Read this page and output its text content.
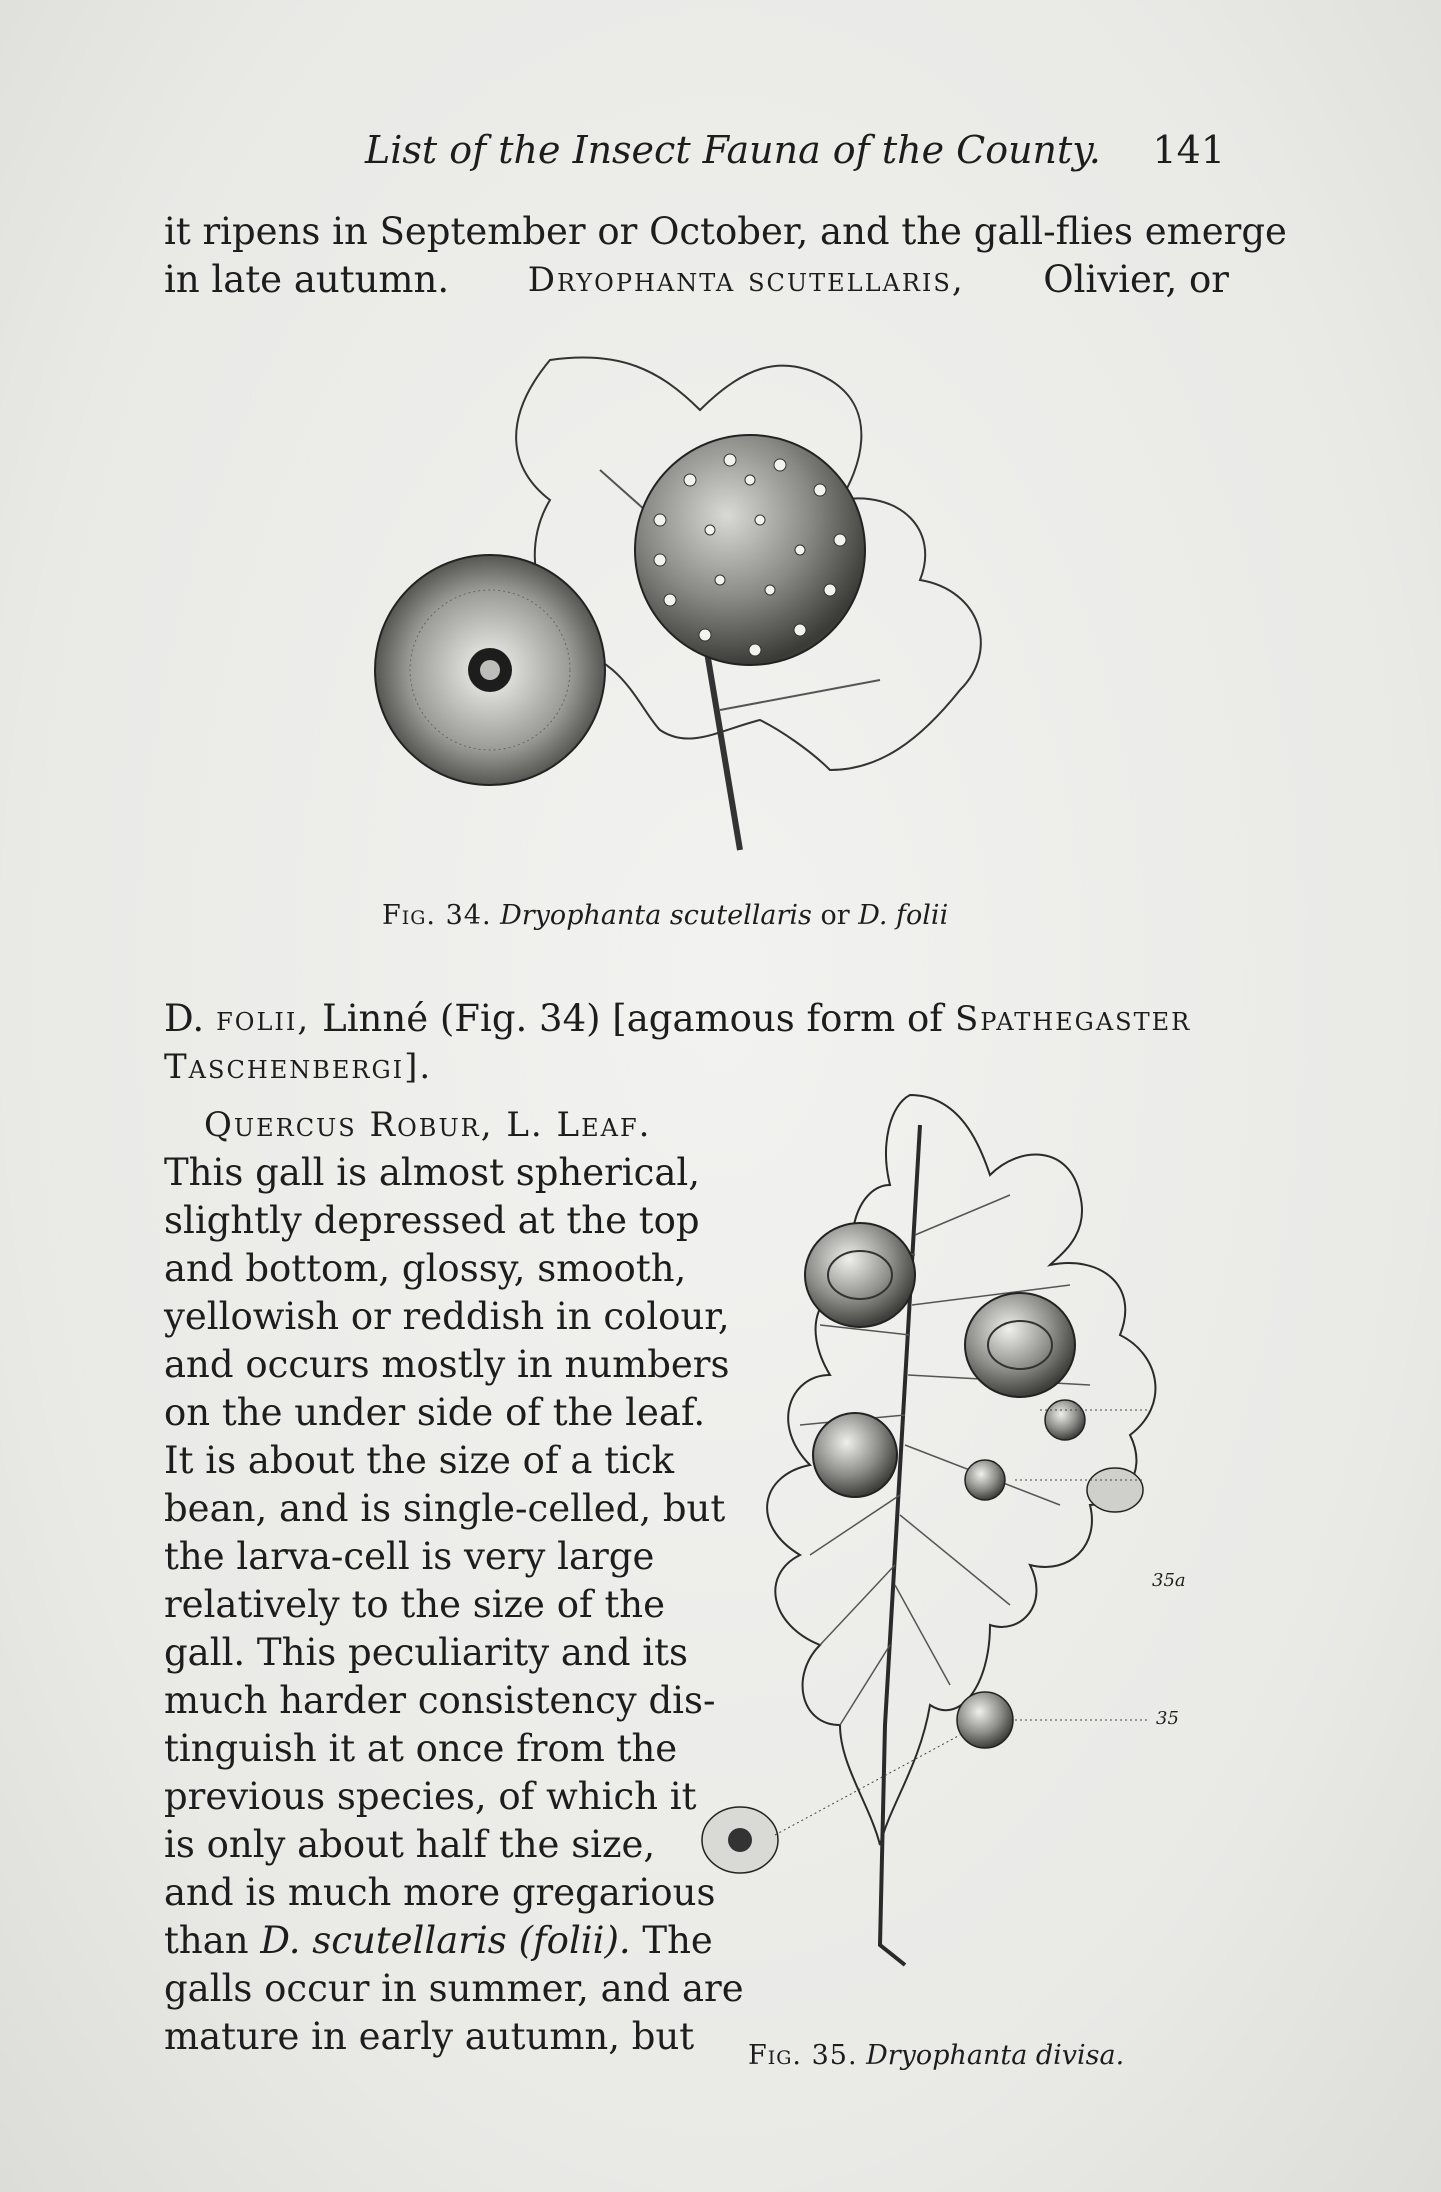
List of the Insect Fauna of the County. 141
it ripens in September or October, and the gall-flies emerge
in late autumn. Dryophanta scutellaris, Olivier, or
Fig. 34. Dryophanta scutellaris or D. folii
D. folii, Linné (Fig. 34) [agamous form of Spathegaster
Taschenbergi].
Quercus Robur, L. Leaf.
This gall is almost spherical,
slightly depressed at the top
and bottom, glossy, smooth,
yellowish or reddish in colour,
and occurs mostly in numbers
on the under side of the leaf.
It is about the size of a tick
bean, and is single-celled, but
the larva-cell is very large
relatively to the size of the
gall. This peculiarity and its
much harder consistency dis-
tinguish it at once from the
previous species, of which it
is only about half the size,
and is much more gregarious
than D. scutellaris (folii). The
galls occur in summer, and are
mature in early autumn, but
35a
35
Fig. 35. Dryophanta divisa.
